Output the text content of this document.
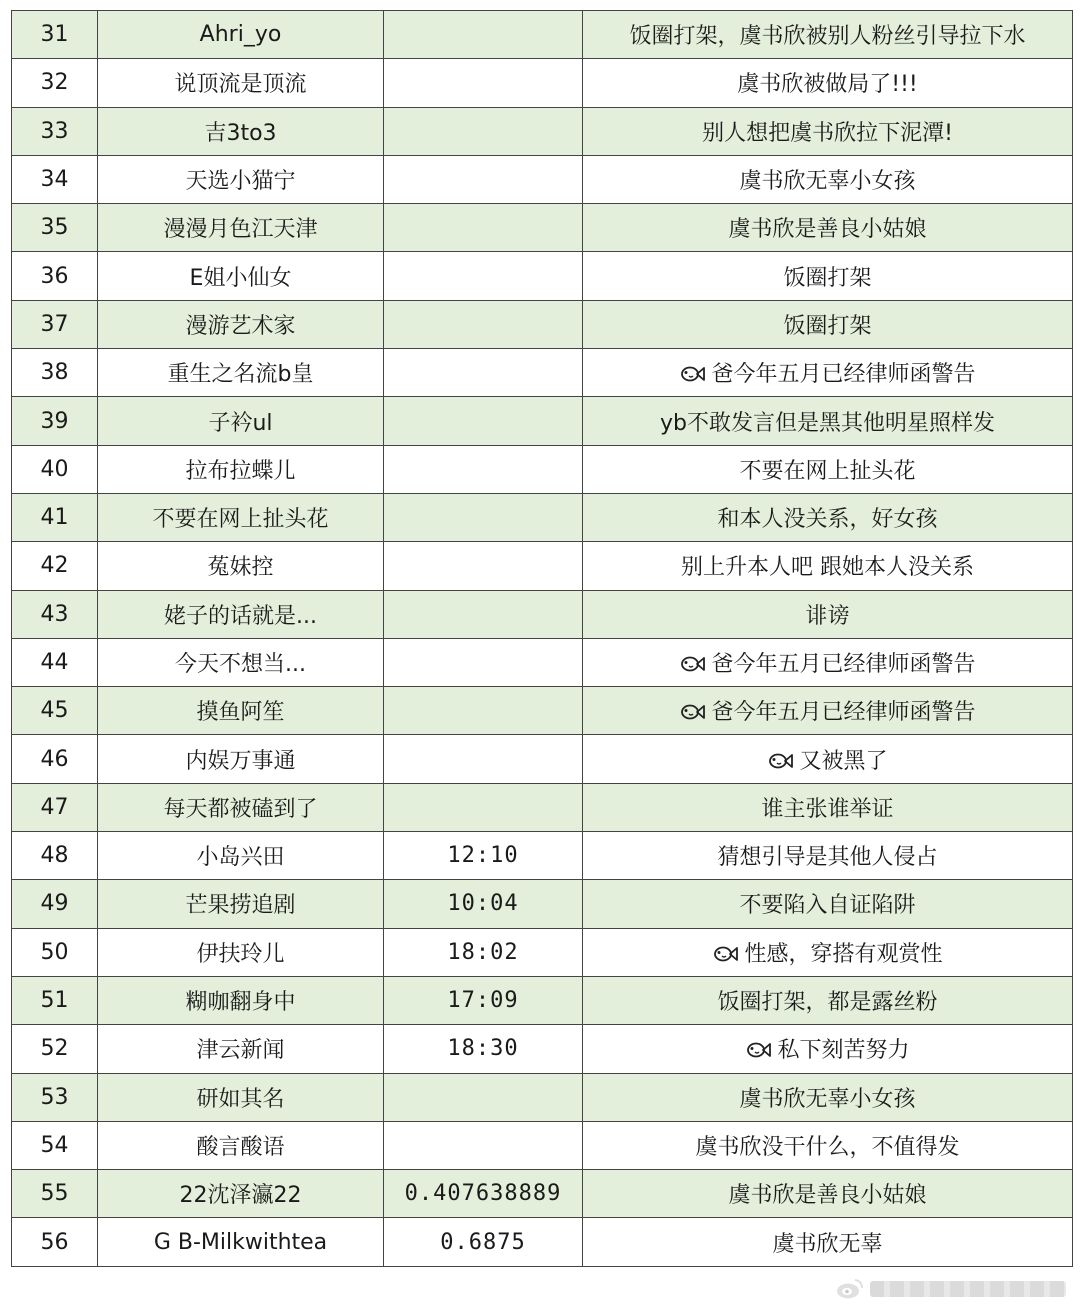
31	Ahri_yo		饭圈打架，虞书欣被别人粉丝引导拉下水
32	说顶流是顶流		虞书欣被做局了!!!
33	吉3to3		别人想把虞书欣拉下泥潭!
34	天选小猫宁		虞书欣无辜小女孩
35	漫漫月色江天津		虞书欣是善良小姑娘
36	E姐小仙女		饭圈打架
37	漫游艺术家		饭圈打架
38	重生之名流b皇		爸今年五月已经律师函警告
39	子衿ul		yb不敢发言但是黑其他明星照样发
40	拉布拉蝶儿		不要在网上扯头花
41	不要在网上扯头花		和本人没关系，好女孩
42	菟妹控		别上升本人吧 跟她本人没关系
43	姥子的话就是...		诽谤
44	今天不想当...		爸今年五月已经律师函警告
45	摸鱼阿笙		爸今年五月已经律师函警告
46	内娱万事通		又被黑了
47	每天都被磕到了		谁主张谁举证
48	小岛兴田	12:10	猜想引导是其他人侵占
49	芒果捞追剧	10:04	不要陷入自证陷阱
50	伊扶玲儿	18:02	性感，穿搭有观赏性
51	糊咖翻身中	17:09	饭圈打架，都是露丝粉
52	津云新闻	18:30	私下刻苦努力
53	研如其名		虞书欣无辜小女孩
54	酸言酸语		虞书欣没干什么，不值得发
55	22沈泽瀛22	0.407638889	虞书欣是善良小姑娘
56	G B-Milkwithtea	0.6875	虞书欣无辜
